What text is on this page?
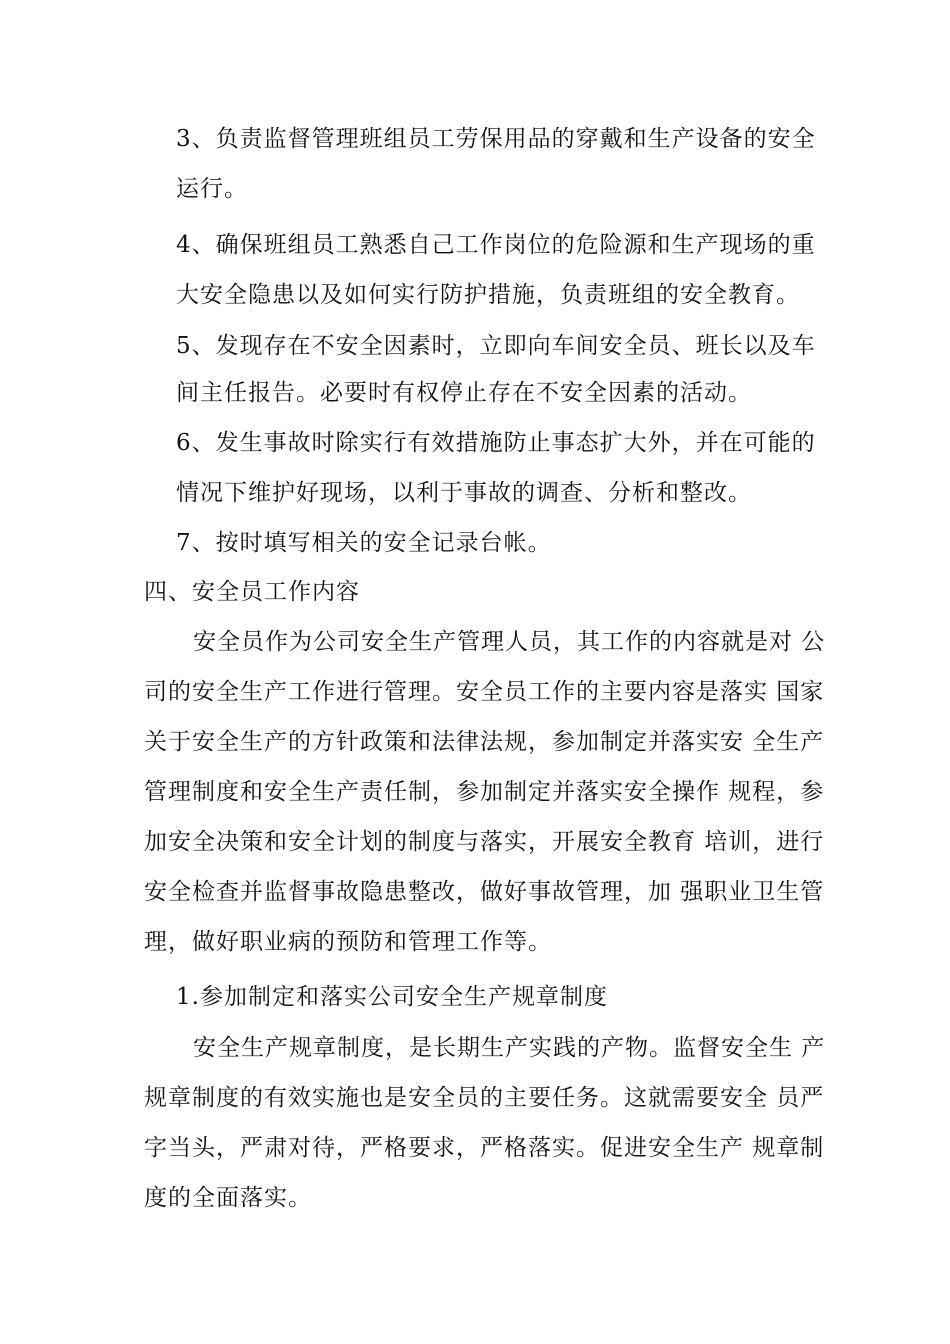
3、负责监督管理班组员工劳保用品的穿戴和生产设备的安全
运行。
4、确保班组员工熟悉自己工作岗位的危险源和生产现场的重
大安全隐患以及如何实行防护措施，负责班组的安全教育。
5、发现存在不安全因素时，立即向车间安全员、班长以及车
间主任报告。必要时有权停止存在不安全因素的活动。
6、发生事故时除实行有效措施防止事态扩大外，并在可能的
情况下维护好现场，以利于事故的调查、分析和整改。
7、按时填写相关的安全记录台帐。
四、安全员工作内容
安全员作为公司安全生产管理人员，其工作的内容就是对 公
司的安全生产工作进行管理。安全员工作的主要内容是落实 国家
关于安全生产的方针政策和法律法规，参加制定并落实安 全生产
管理制度和安全生产责任制，参加制定并落实安全操作 规程，参
加安全决策和安全计划的制度与落实，开展安全教育 培训，进行
安全检查并监督事故隐患整改，做好事故管理，加 强职业卫生管
理，做好职业病的预防和管理工作等。
1.参加制定和落实公司安全生产规章制度
安全生产规章制度，是长期生产实践的产物。监督安全生 产
规章制度的有效实施也是安全员的主要任务。这就需要安全 员严
字当头，严肃对待，严格要求，严格落实。促进安全生产 规章制
度的全面落实。
